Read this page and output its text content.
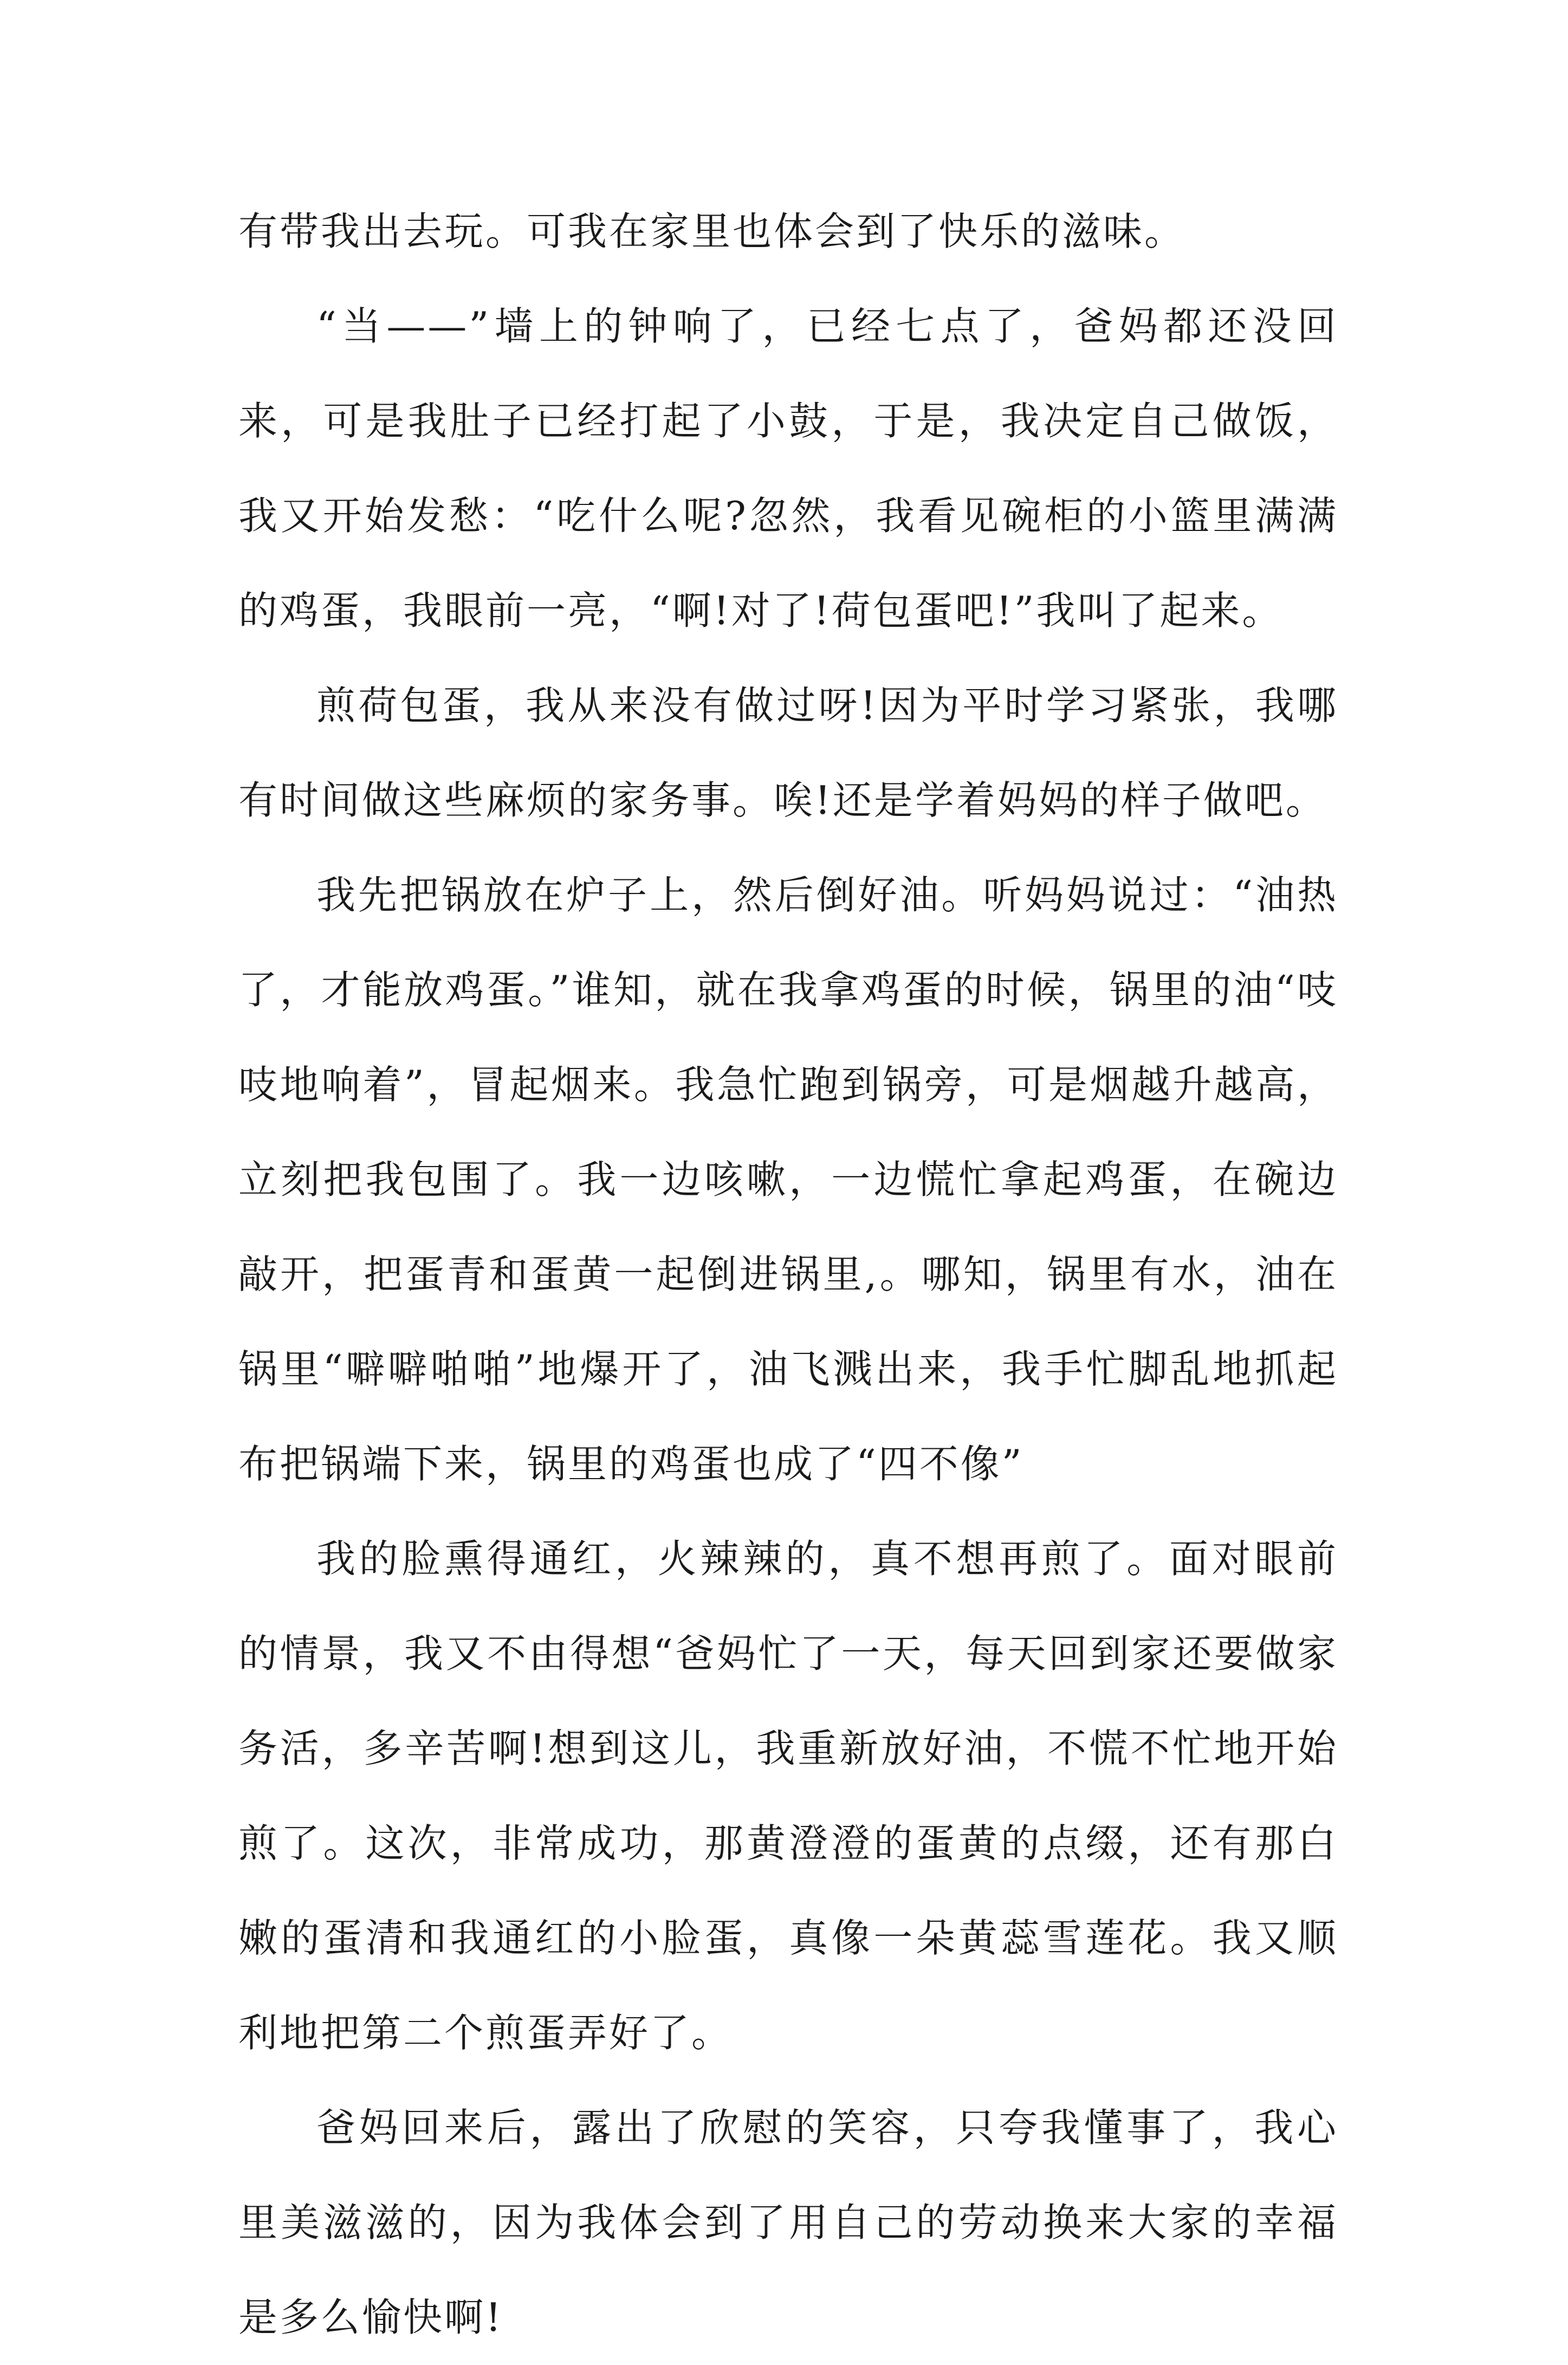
有带我出去玩。可我在家里也体会到了快乐的滋味。

“当——”墙上的钟响了，已经七点了，爸妈都还没回来，可是我肚子已经打起了小鼓，于是，我决定自己做饭，我又开始发愁：“吃什么呢?忽然，我看见碗柜的小篮里满满的鸡蛋，我眼前一亮，“啊!对了!荷包蛋吧!”我叫了起来。

煎荷包蛋，我从来没有做过呀!因为平时学习紧张，我哪有时间做这些麻烦的家务事。唉!还是学着妈妈的样子做吧。

我先把锅放在炉子上，然后倒好油。听妈妈说过：“油热了，才能放鸡蛋。”谁知，就在我拿鸡蛋的时候，锅里的油“吱吱地响着”，冒起烟来。我急忙跑到锅旁，可是烟越升越高，立刻把我包围了。我一边咳嗽，一边慌忙拿起鸡蛋，在碗边敲开，把蛋青和蛋黄一起倒进锅里,。哪知，锅里有水，油在锅里“噼噼啪啪”地爆开了，油飞溅出来，我手忙脚乱地抓起布把锅端下来，锅里的鸡蛋也成了“四不像”

我的脸熏得通红，火辣辣的，真不想再煎了。面对眼前的情景，我又不由得想“爸妈忙了一天，每天回到家还要做家务活，多辛苦啊!想到这儿，我重新放好油，不慌不忙地开始煎了。这次，非常成功，那黄澄澄的蛋黄的点缀，还有那白嫩的蛋清和我通红的小脸蛋，真像一朵黄蕊雪莲花。我又顺利地把第二个煎蛋弄好了。

爸妈回来后，露出了欣慰的笑容，只夸我懂事了，我心里美滋滋的，因为我体会到了用自己的劳动换来大家的幸福是多么愉快啊!
